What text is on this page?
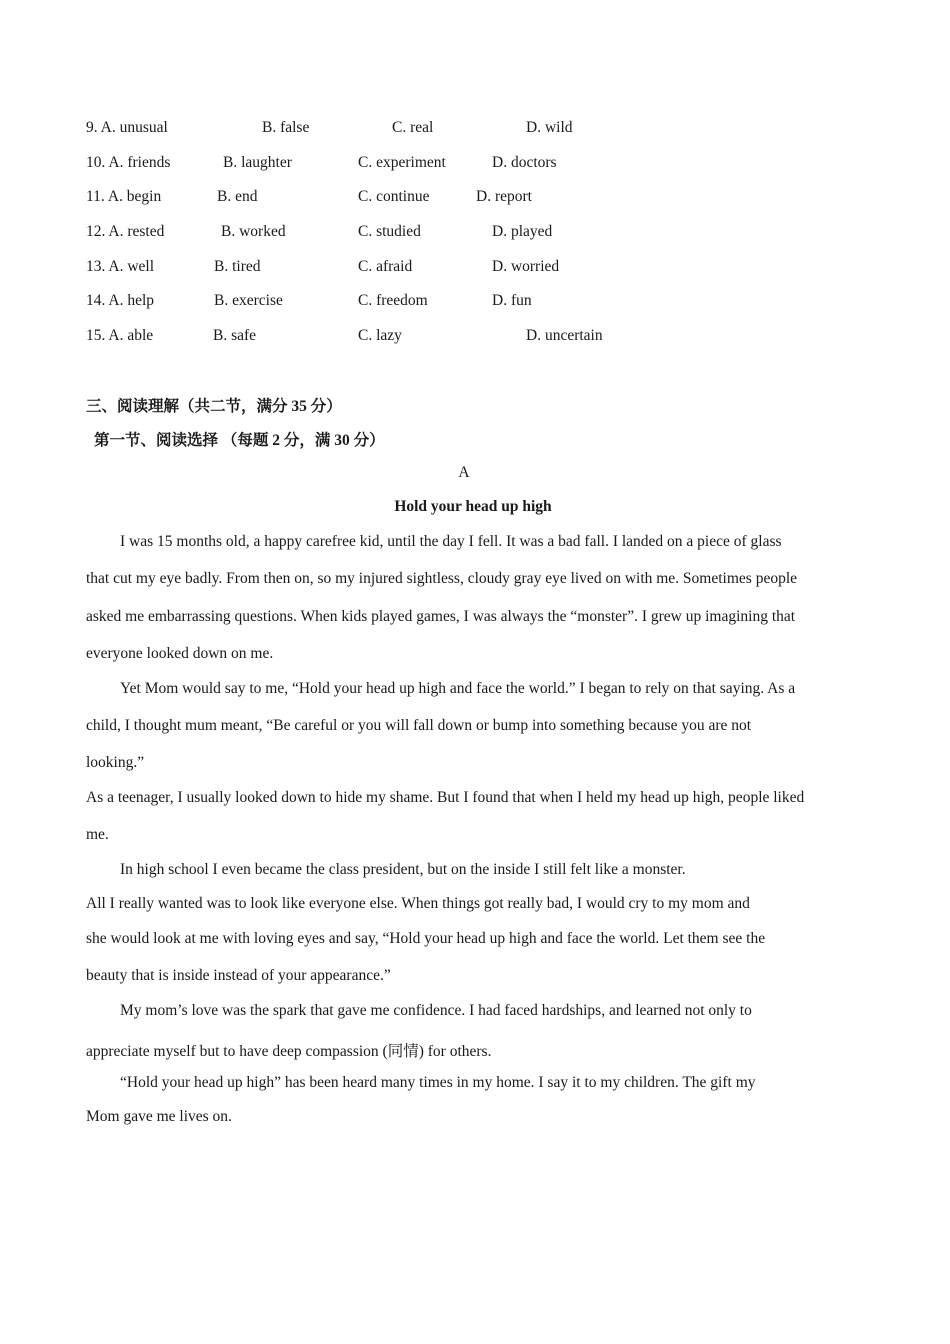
9. A. unusual	B. false	C. real	D. wild
10. A. friends	B. laughter	C. experiment	D. doctors
11. A. begin	B. end	C. continue	D. report
12. A. rested	B. worked	C. studied	D. played
13. A. well	B. tired	C. afraid	D. worried
14. A. help	B. exercise	C. freedom	D. fun
15. A. able	B. safe	C. lazy	D. uncertain
三、阅读理解（共二节，满分 35 分）
第一节、阅读选择 （每题 2 分，满 30 分）
A
Hold your head up high
I was 15 months old, a happy carefree kid, until the day I fell. It was a bad fall. I landed on a piece of glass
that cut my eye badly. From then on, so my injured sightless, cloudy gray eye lived on with me. Sometimes people
asked me embarrassing questions. When kids played games, I was always the “monster”. I grew up imagining that
everyone looked down on me.
Yet Mom would say to me, “Hold your head up high and face the world.” I began to rely on that saying. As a
child, I thought mum meant, “Be careful or you will fall down or bump into something because you are not
looking.”
As a teenager, I usually looked down to hide my shame. But I found that when I held my head up high, people liked
me.
In high school I even became the class president, but on the inside I still felt like a monster.
All I really wanted was to look like everyone else. When things got really bad, I would cry to my mom and
she would look at me with loving eyes and say, “Hold your head up high and face the world. Let them see the
beauty that is inside instead of your appearance.”
My mom’s love was the spark that gave me confidence. I had faced hardships, and learned not only to
appreciate myself but to have deep compassion (同情) for others.
“Hold your head up high” has been heard many times in my home. I say it to my children. The gift my
Mom gave me lives on.
